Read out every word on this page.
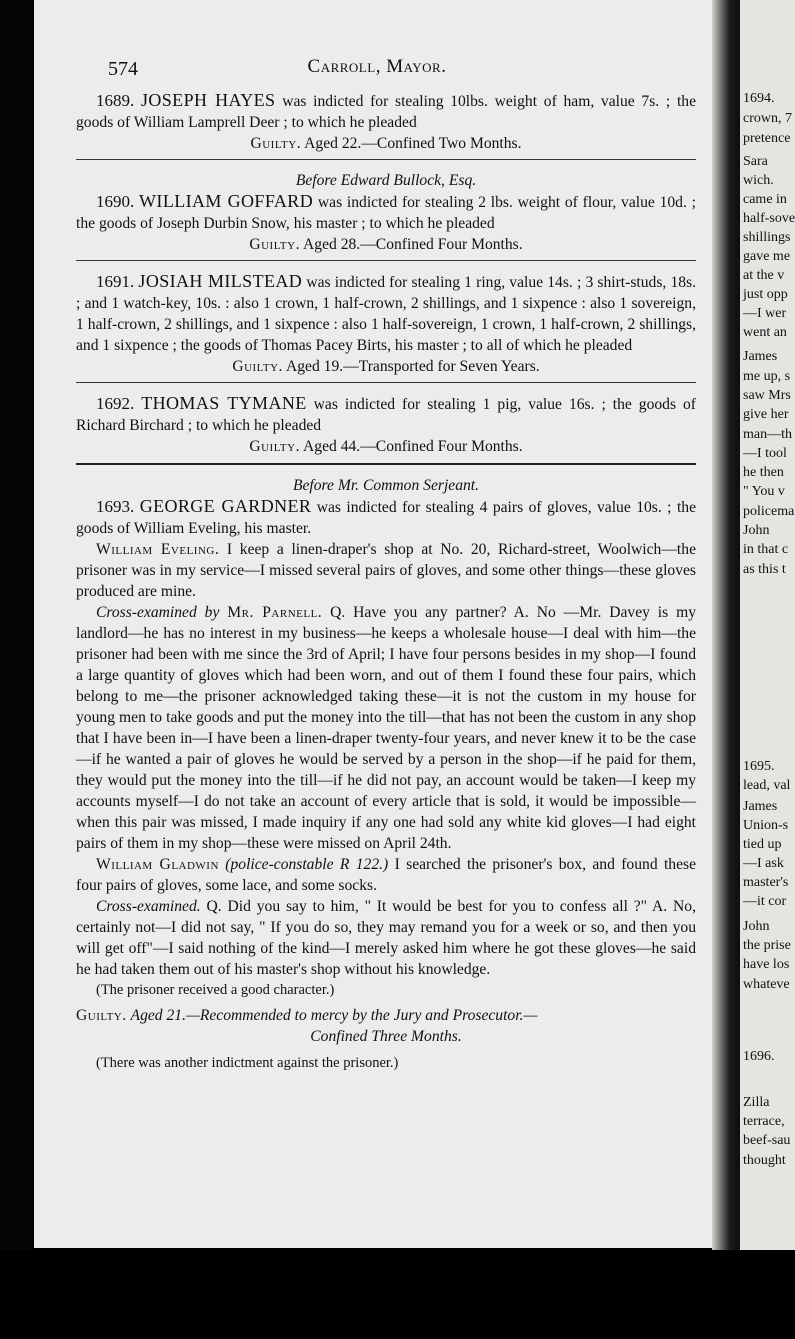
574	Carroll, Mayor.

1689. JOSEPH HAYES was indicted for stealing 10lbs. weight of ham, value 7s. ; the goods of William Lamprell Deer ; to which he pleaded

Guilty. Aged 22.—Confined Two Months.

Before Edward Bullock, Esq.

1690. WILLIAM GOFFARD was indicted for stealing 2 lbs. weight of flour, value 10d. ; the goods of Joseph Durbin Snow, his master ; to which he pleaded

Guilty. Aged 28.—Confined Four Months.

1691. JOSIAH MILSTEAD was indicted for stealing 1 ring, value 14s. ; 3 shirt-studs, 18s. ; and 1 watch-key, 10s. : also 1 crown, 1 half-crown, 2 shillings, and 1 sixpence : also 1 sovereign, 1 half-crown, 2 shillings, and 1 sixpence : also 1 half-sovereign, 1 crown, 1 half-crown, 2 shillings, and 1 sixpence ; the goods of Thomas Pacey Birts, his master ; to all of which he pleaded

Guilty. Aged 19.—Transported for Seven Years.

1692. THOMAS TYMANE was indicted for stealing 1 pig, value 16s. ; the goods of Richard Birchard ; to which he pleaded

Guilty. Aged 44.—Confined Four Months.

Before Mr. Common Serjeant.

1693. GEORGE GARDNER was indicted for stealing 4 pairs of gloves, value 10s. ; the goods of William Eveling, his master.

William Eveling. I keep a linen-draper's shop at No. 20, Richard-street, Woolwich—the prisoner was in my service—I missed several pairs of gloves, and some other things—these gloves produced are mine.

Cross-examined by Mr. Parnell. Q. Have you any partner? A. No —Mr. Davey is my landlord—he has no interest in my business—he keeps a wholesale house—I deal with him—the prisoner had been with me since the 3rd of April; I have four persons besides in my shop—I found a large quantity of gloves which had been worn, and out of them I found these four pairs, which belong to me—the prisoner acknowledged taking these—it is not the custom in my house for young men to take goods and put the money into the till—that has not been the custom in any shop that I have been in—I have been a linen-draper twenty-four years, and never knew it to be the case —if he wanted a pair of gloves he would be served by a person in the shop—if he paid for them, they would put the money into the till—if he did not pay, an account would be taken—I keep my accounts myself—I do not take an account of every article that is sold, it would be impossible—when this pair was missed, I made inquiry if any one had sold any white kid gloves—I had eight pairs of them in my shop—these were missed on April 24th.

William Gladwin (police-constable R 122.) I searched the prisoner's box, and found these four pairs of gloves, some lace, and some socks.

Cross-examined. Q. Did you say to him, " It would be best for you to confess all ?" A. No, certainly not—I did not say, " If you do so, they may remand you for a week or so, and then you will get off"—I said nothing of the kind—I merely asked him where he got these gloves—he said he had taken them out of his master's shop without his knowledge.

(The prisoner received a good character.)

Guilty. Aged 21.—Recommended to mercy by the Jury and Prosecutor.—

Confined Three Months.

(There was another indictment against the prisoner.)

1694.
crown, 7
pretence
Sara
wich.
came in
half-sove
shillings
gave me
at the v
just opp
—I wer
went an
James
me up, s
saw Mrs
give her
man—th
—I tool
he then
" You v
policema
John
in that c
as this t
1695.
lead, val
James
Union-s
tied up
—I ask
master's
—it cor
John
the prise
have los
whateve
1696.
Zilla
terrace,
beef-sau
thought
